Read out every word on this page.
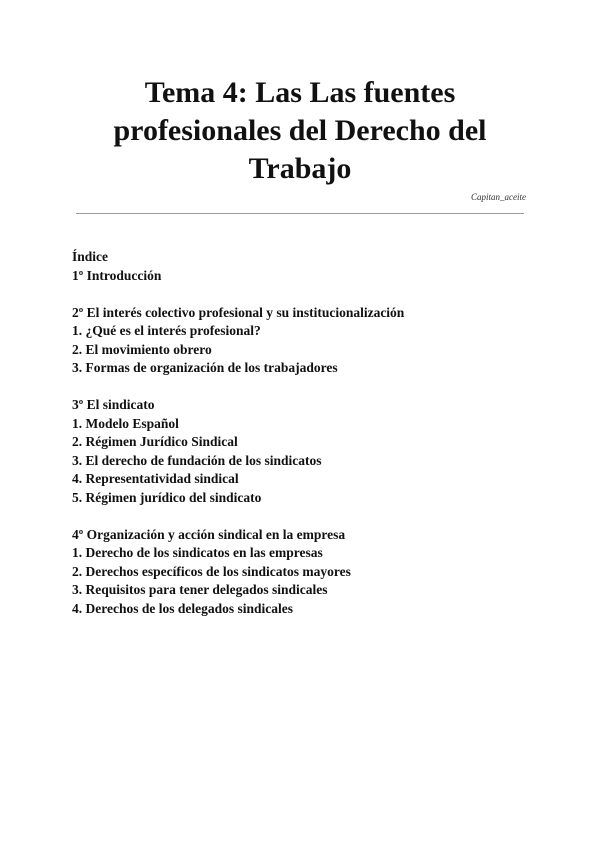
Tema 4: Las Las fuentes profesionales del Derecho del Trabajo
Capitan_aceite
Índice
1º Introducción
2º El interés colectivo profesional y su institucionalización
1. ¿Qué es el interés profesional?
2. El movimiento obrero
3. Formas de organización de los trabajadores
3º El sindicato
1. Modelo Español
2. Régimen Jurídico Sindical
3. El derecho de fundación de los sindicatos
4. Representatividad sindical
5. Régimen jurídico del sindicato
4º Organización y acción sindical en la empresa
1. Derecho de los sindicatos en las empresas
2. Derechos específicos de los sindicatos mayores
3. Requisitos para tener delegados sindicales
4. Derechos de los delegados sindicales
